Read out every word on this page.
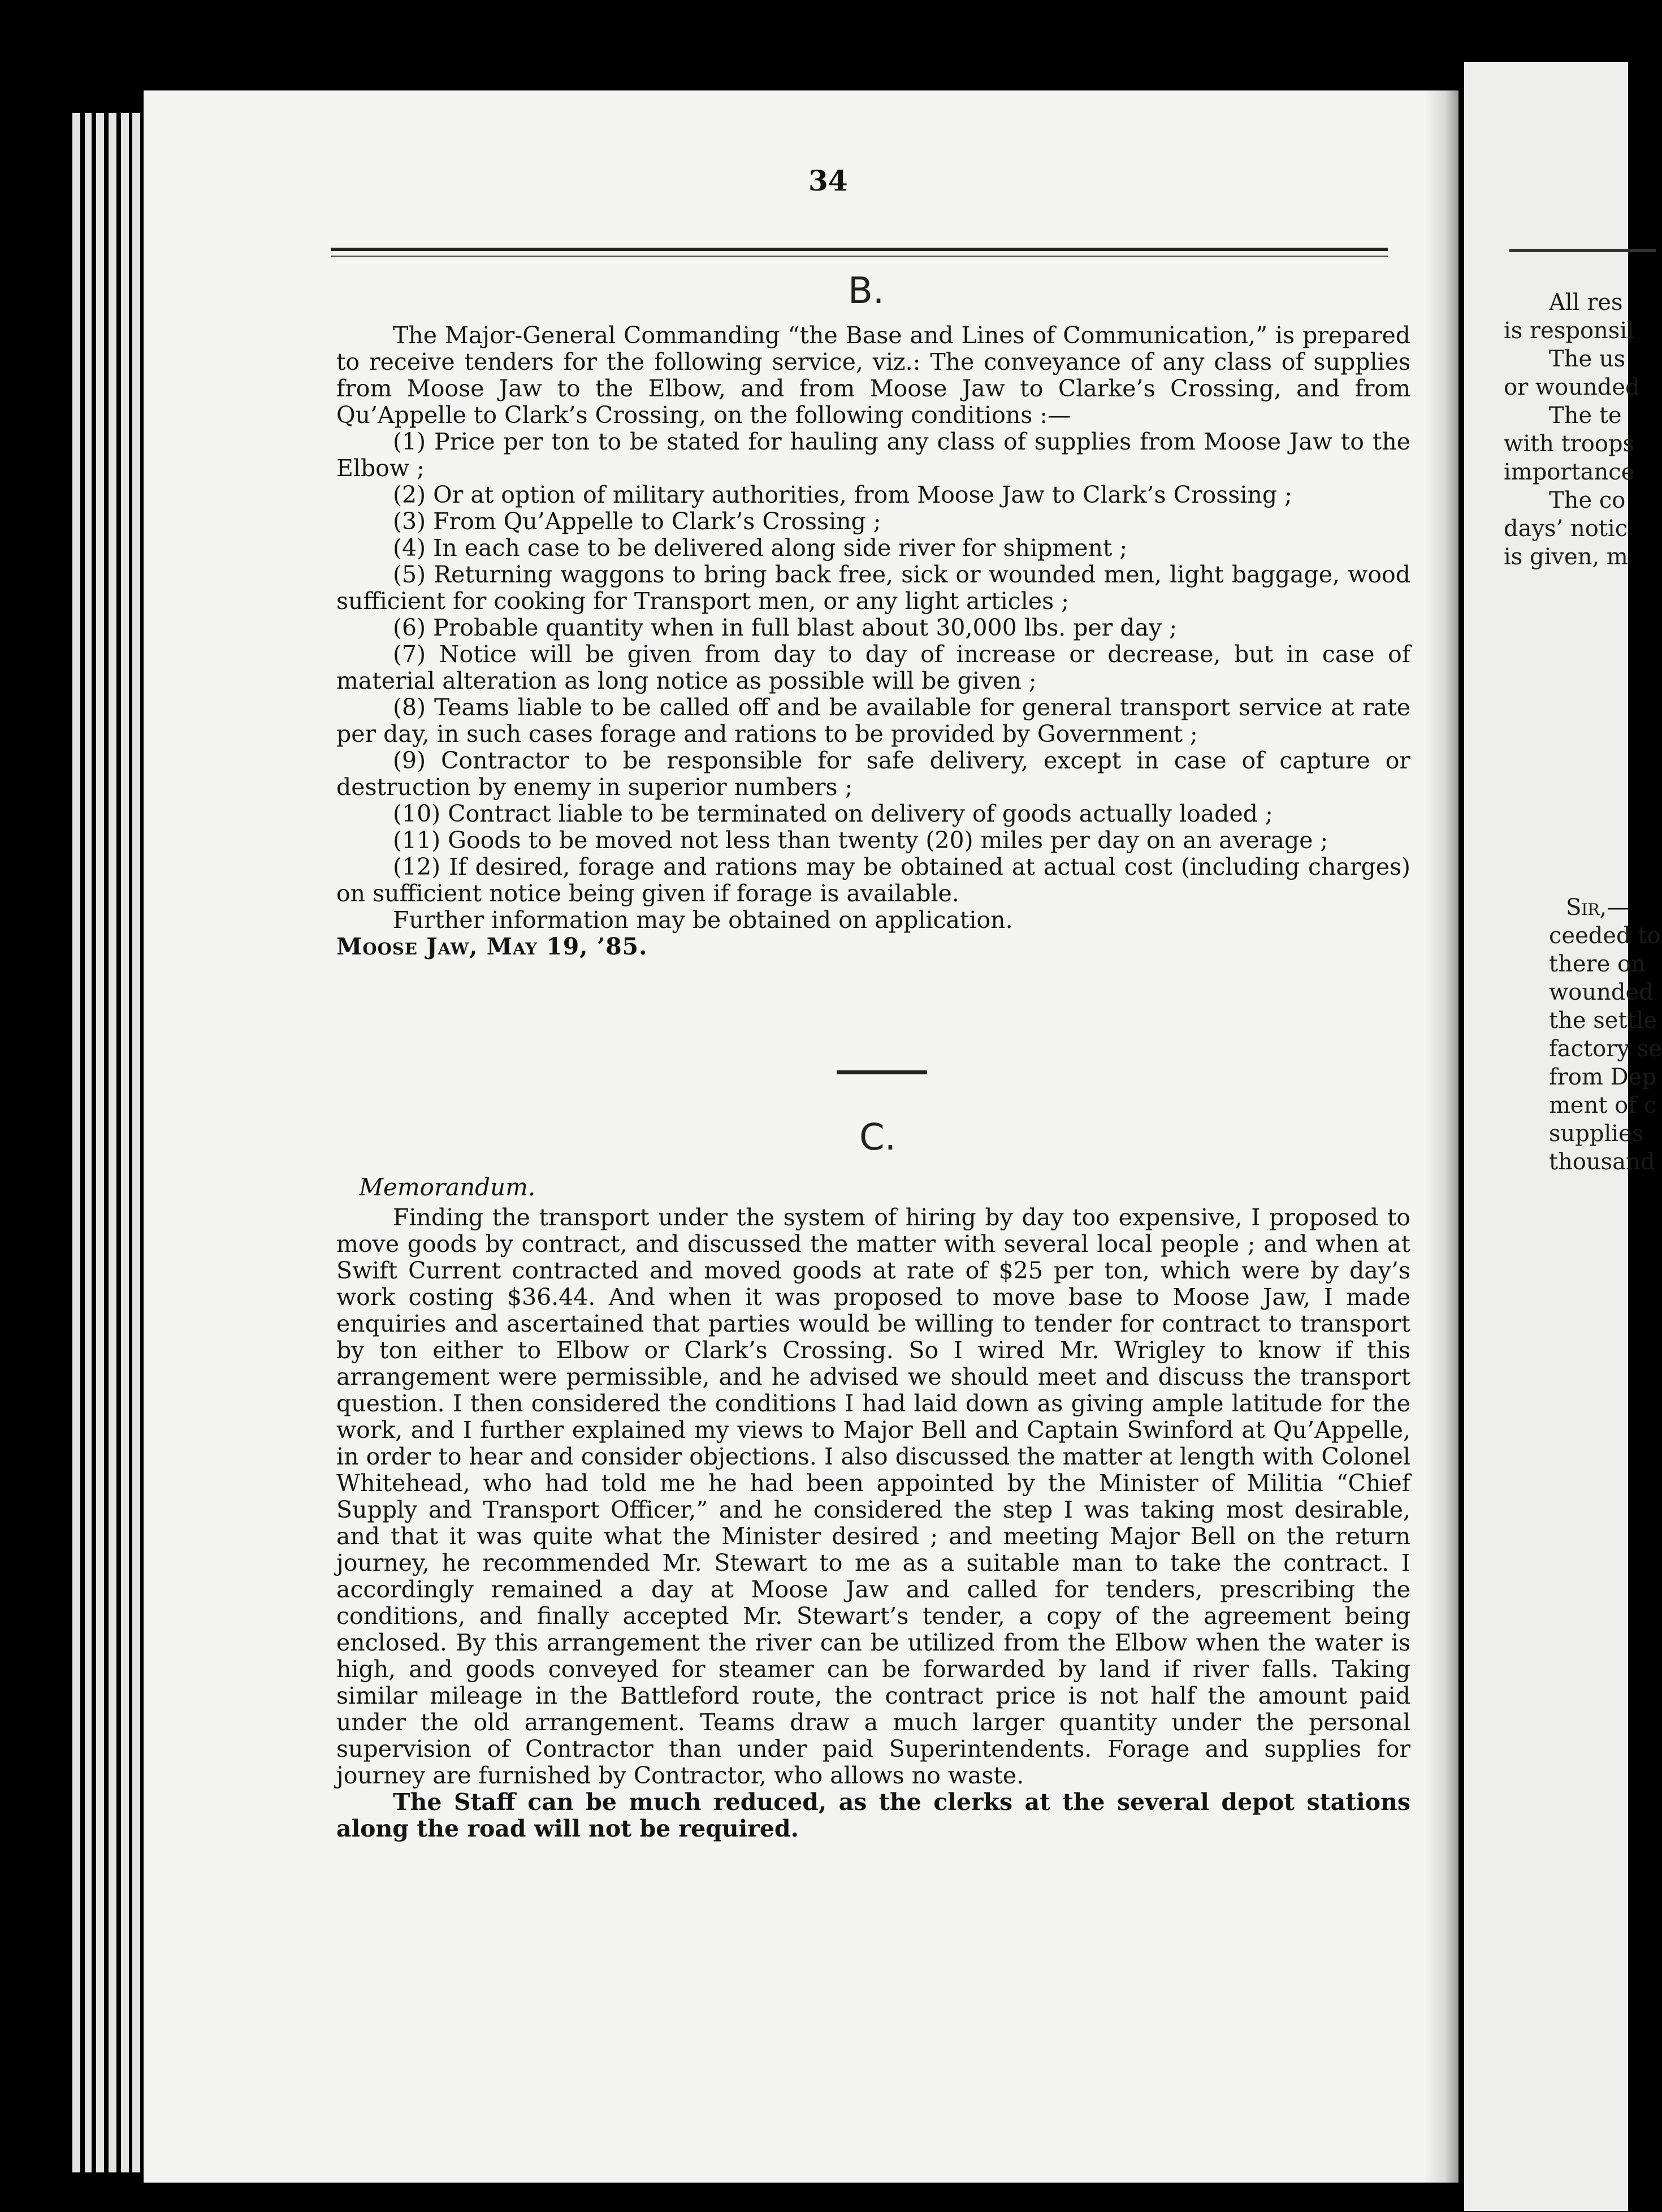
All res
is responsil
The us
or wounded
The te
with troops
importance
The co
days’ notic
is given, m
Sir,—
ceeded to
there on
wounded
the settle
factory se
from Dep
ment of c
supplies
thousand
34
B.

The Major-General Commanding “the Base and Lines of Communication,” is prepared to receive tenders for the following service, viz.: The conveyance of any class of supplies from Moose Jaw to the Elbow, and from Moose Jaw to Clarke’s Crossing, and from Qu’Appelle to Clark’s Crossing, on the following conditions :—

(1) Price per ton to be stated for hauling any class of supplies from Moose Jaw to the Elbow ;

(2) Or at option of military authorities, from Moose Jaw to Clark’s Crossing ;

(3) From Qu’Appelle to Clark’s Crossing ;

(4) In each case to be delivered along side river for shipment ;

(5) Returning waggons to bring back free, sick or wounded men, light baggage, wood sufficient for cooking for Transport men, or any light articles ;

(6) Probable quantity when in full blast about 30,000 lbs. per day ;

(7) Notice will be given from day to day of increase or decrease, but in case of material alteration as long notice as possible will be given ;

(8) Teams liable to be called off and be available for general transport service at rate per day, in such cases forage and rations to be provided by Government ;

(9) Contractor to be responsible for safe delivery, except in case of capture or destruction by enemy in superior numbers ;

(10) Contract liable to be terminated on delivery of goods actually loaded ;

(11) Goods to be moved not less than twenty (20) miles per day on an average ;

(12) If desired, forage and rations may be obtained at actual cost (including charges) on sufficient notice being given if forage is available.

Further information may be obtained on application.

Moose Jaw, May 19, ’85.

C.
Memorandum.

Finding the transport under the system of hiring by day too expensive, I proposed to move goods by contract, and discussed the matter with several local people ; and when at Swift Current contracted and moved goods at rate of $25 per ton, which were by day’s work costing $36.44. And when it was proposed to move base to Moose Jaw, I made enquiries and ascertained that parties would be willing to tender for contract to transport by ton either to Elbow or Clark’s Crossing. So I wired Mr. Wrigley to know if this arrangement were permissible, and he advised we should meet and discuss the transport question. I then considered the conditions I had laid down as giving ample latitude for the work, and I further explained my views to Major Bell and Captain Swinford at Qu’Appelle, in order to hear and consider objections. I also discussed the matter at length with Colonel Whitehead, who had told me he had been appointed by the Minister of Militia “Chief Supply and Transport Officer,” and he considered the step I was taking most desirable, and that it was quite what the Minister desired ; and meeting Major Bell on the return journey, he recommended Mr. Stewart to me as a suitable man to take the contract. I accordingly remained a day at Moose Jaw and called for tenders, prescribing the conditions, and finally accepted Mr. Stewart’s tender, a copy of the agreement being enclosed. By this arrangement the river can be utilized from the Elbow when the water is high, and goods conveyed for steamer can be forwarded by land if river falls. Taking similar mileage in the Battleford route, the contract price is not half the amount paid under the old arrangement. Teams draw a much larger quantity under the personal supervision of Contractor than under paid Superintendents. Forage and supplies for journey are furnished by Contractor, who allows no waste.

The Staff can be much reduced, as the clerks at the several depot stations along the road will not be required.
